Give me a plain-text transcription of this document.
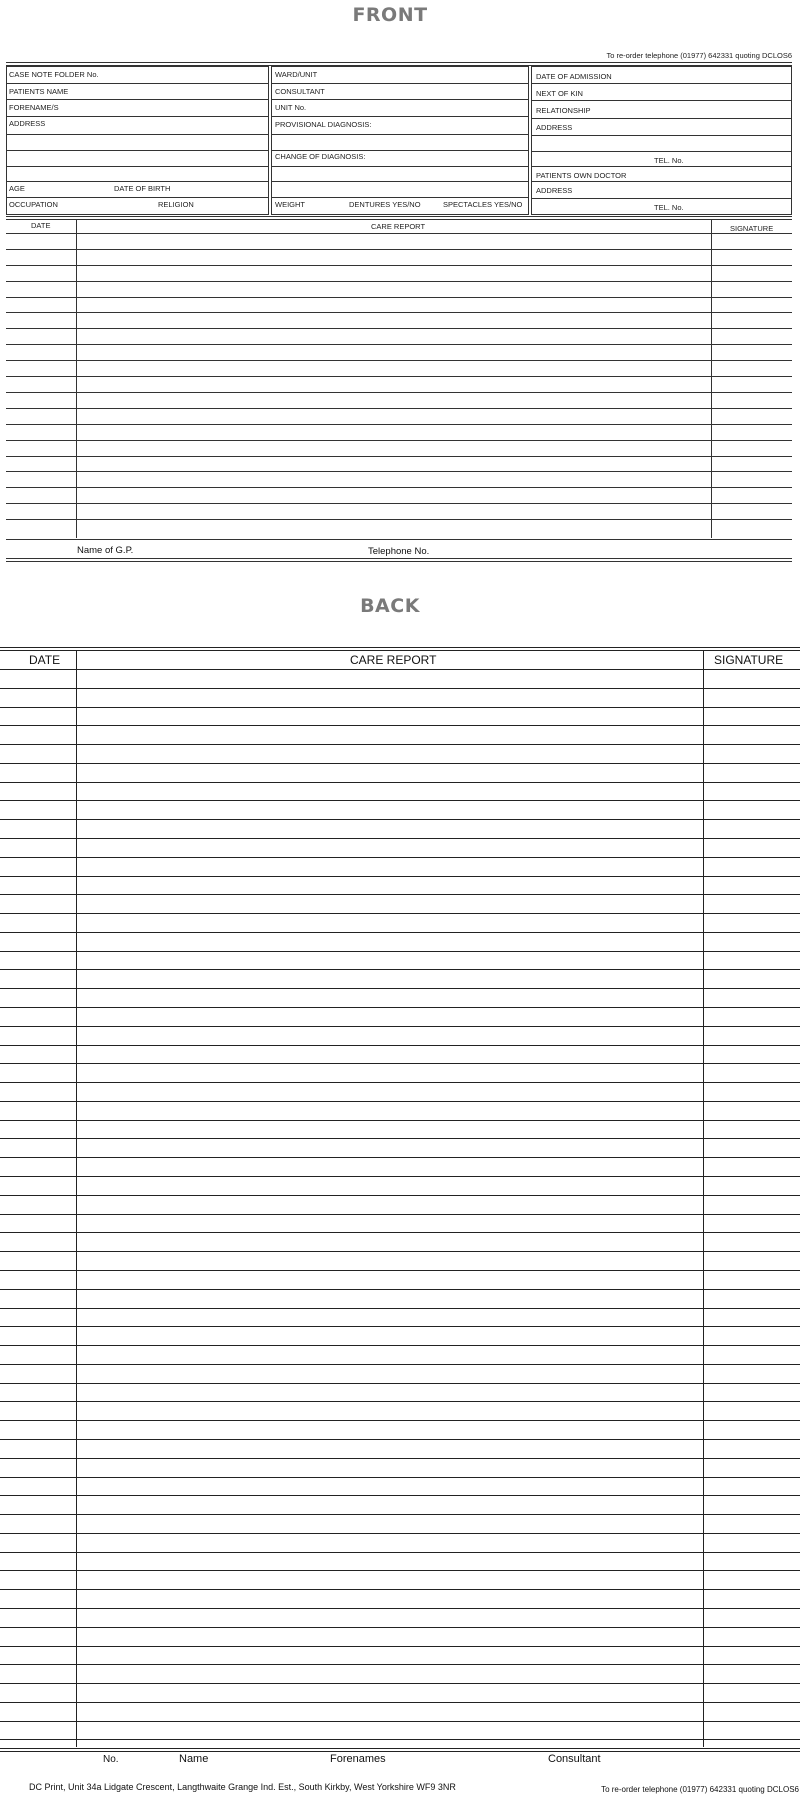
FRONT
To re-order telephone (01977) 642331 quoting DCLOS6
CASE NOTE FOLDER No.
PATIENTS NAME
FORENAME/S
ADDRESS
AGE	DATE OF BIRTH
OCCUPATION	RELIGION
WARD/UNIT
CONSULTANT
UNIT No.
PROVISIONAL DIAGNOSIS:
CHANGE OF DIAGNOSIS:
WEIGHT	DENTURES YES/NO	SPECTACLES YES/NO
DATE OF ADMISSION
NEXT OF KIN
RELATIONSHIP
ADDRESS
TEL. No.
PATIENTS OWN DOCTOR
ADDRESS
TEL. No.
DATE	CARE REPORT	SIGNATURE
Name of G.P.	Telephone No.
BACK
DATE	CARE REPORT	SIGNATURE
No.	Name	Forenames	Consultant
DC Print, Unit 34a Lidgate Crescent, Langthwaite Grange Ind. Est., South Kirkby, West Yorkshire WF9 3NR	To re-order telephone (01977) 642331 quoting DCLOS6
